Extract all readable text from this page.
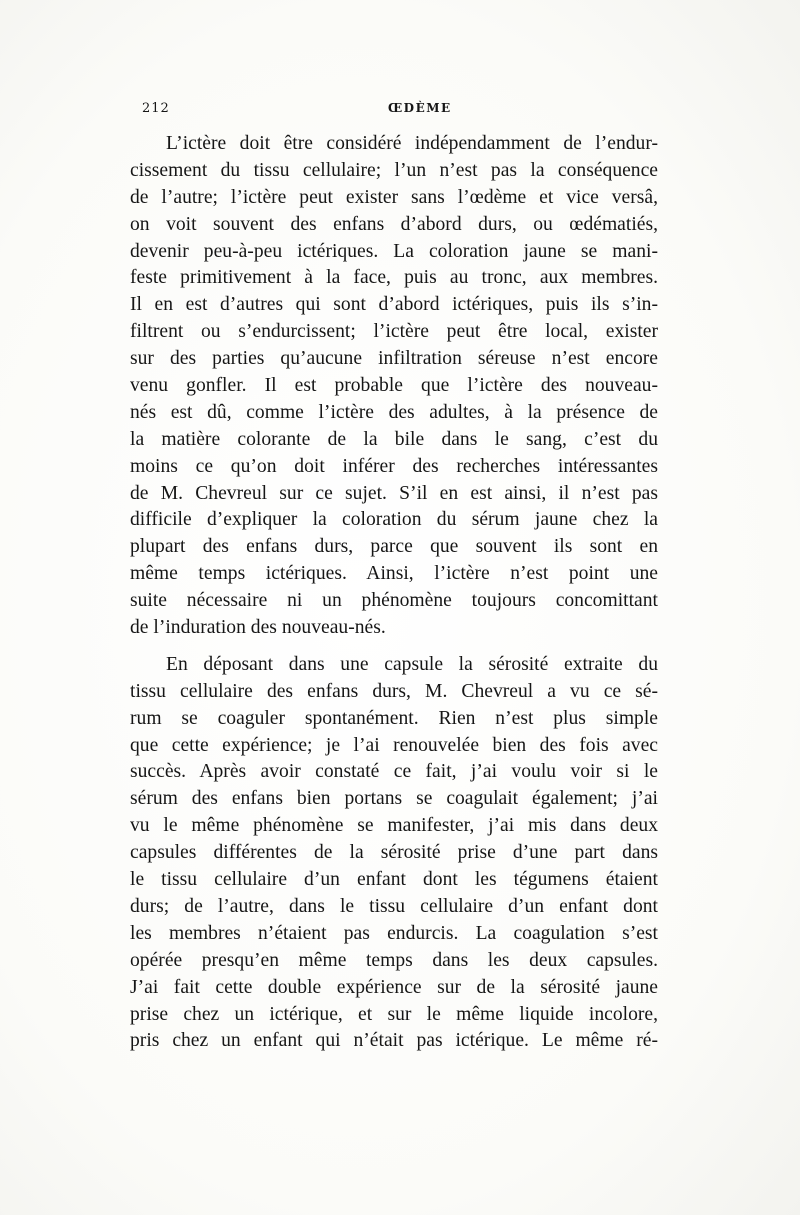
212	ŒDÈME
L’ictère doit être considéré indépendamment de l’endur-
cissement du tissu cellulaire; l’un n’est pas la conséquence
de l’autre; l’ictère peut exister sans l’œdème et vice versâ,
on voit souvent des enfans d’abord durs, ou œdématiés,
devenir peu-à-peu ictériques. La coloration jaune se mani-
feste primitivement à la face, puis au tronc, aux membres.
Il en est d’autres qui sont d’abord ictériques, puis ils s’in-
filtrent ou s’endurcissent; l’ictère peut être local, exister
sur des parties qu’aucune infiltration séreuse n’est encore
venu gonfler. Il est probable que l’ictère des nouveau-
nés est dû, comme l’ictère des adultes, à la présence de
la matière colorante de la bile dans le sang, c’est du
moins ce qu’on doit inférer des recherches intéressantes
de M. Chevreul sur ce sujet. S’il en est ainsi, il n’est pas
difficile d’expliquer la coloration du sérum jaune chez la
plupart des enfans durs, parce que souvent ils sont en
même temps ictériques. Ainsi, l’ictère n’est point une
suite nécessaire ni un phénomène toujours concomittant
de l’induration des nouveau-nés.
En déposant dans une capsule la sérosité extraite du
tissu cellulaire des enfans durs, M. Chevreul a vu ce sé-
rum se coaguler spontanément. Rien n’est plus simple
que cette expérience; je l’ai renouvelée bien des fois avec
succès. Après avoir constaté ce fait, j’ai voulu voir si le
sérum des enfans bien portans se coagulait également; j’ai
vu le même phénomène se manifester, j’ai mis dans deux
capsules différentes de la sérosité prise d’une part dans
le tissu cellulaire d’un enfant dont les tégumens étaient
durs; de l’autre, dans le tissu cellulaire d’un enfant dont
les membres n’étaient pas endurcis. La coagulation s’est
opérée presqu’en même temps dans les deux capsules.
J’ai fait cette double expérience sur de la sérosité jaune
prise chez un ictérique, et sur le même liquide incolore,
pris chez un enfant qui n’était pas ictérique. Le même ré-
